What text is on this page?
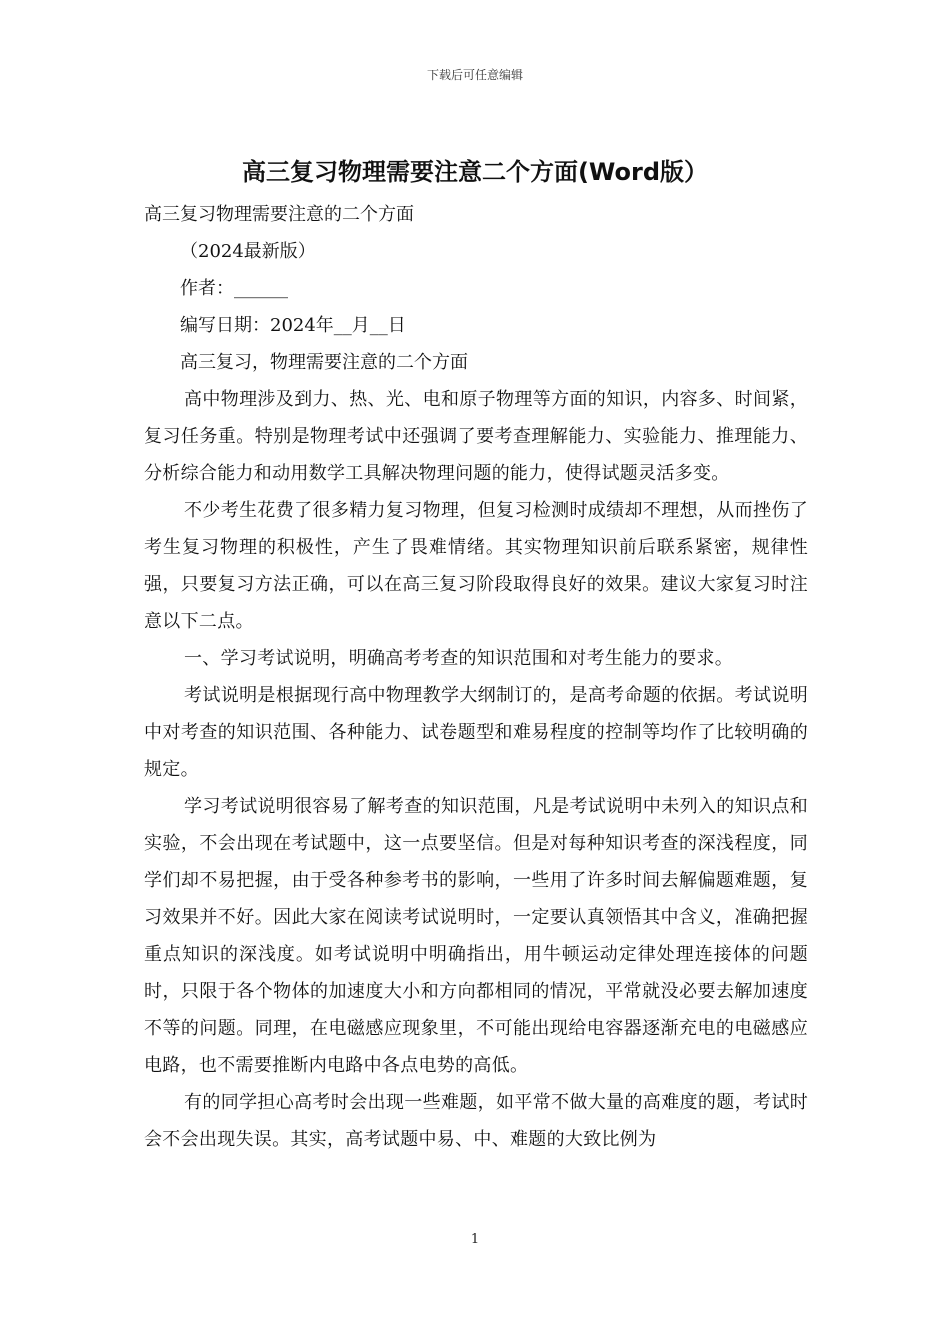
下载后可任意编辑
高三复习物理需要注意二个方面(Word版）

高三复习物理需要注意的二个方面

（2024最新版）

作者：______

编写日期：2024年__月__日

高三复习，物理需要注意的二个方面

高中物理涉及到力、热、光、电和原子物理等方面的知识，内容多、时间紧，复习任务重。特别是物理考试中还强调了要考查理解能力、实验能力、推理能力、分析综合能力和动用数学工具解决物理问题的能力，使得试题灵活多变。

不少考生花费了很多精力复习物理，但复习检测时成绩却不理想，从而挫伤了考生复习物理的积极性，产生了畏难情绪。其实物理知识前后联系紧密，规律性强，只要复习方法正确，可以在高三复习阶段取得良好的效果。建议大家复习时注意以下二点。

一、学习考试说明，明确高考考查的知识范围和对考生能力的要求。

考试说明是根据现行高中物理教学大纲制订的，是高考命题的依据。考试说明中对考查的知识范围、各种能力、试卷题型和难易程度的控制等均作了比较明确的规定。

学习考试说明很容易了解考查的知识范围，凡是考试说明中未列入的知识点和实验，不会出现在考试题中，这一点要坚信。但是对每种知识考查的深浅程度，同学们却不易把握，由于受各种参考书的影响，一些用了许多时间去解偏题难题，复习效果并不好。因此大家在阅读考试说明时，一定要认真领悟其中含义，准确把握重点知识的深浅度。如考试说明中明确指出，用牛顿运动定律处理连接体的问题时，只限于各个物体的加速度大小和方向都相同的情况，平常就没必要去解加速度不等的问题。同理，在电磁感应现象里，不可能出现给电容器逐渐充电的电磁感应电路，也不需要推断内电路中各点电势的高低。

有的同学担心高考时会出现一些难题，如平常不做大量的高难度的题，考试时会不会出现失误。其实，高考试题中易、中、难题的大致比例为

1
